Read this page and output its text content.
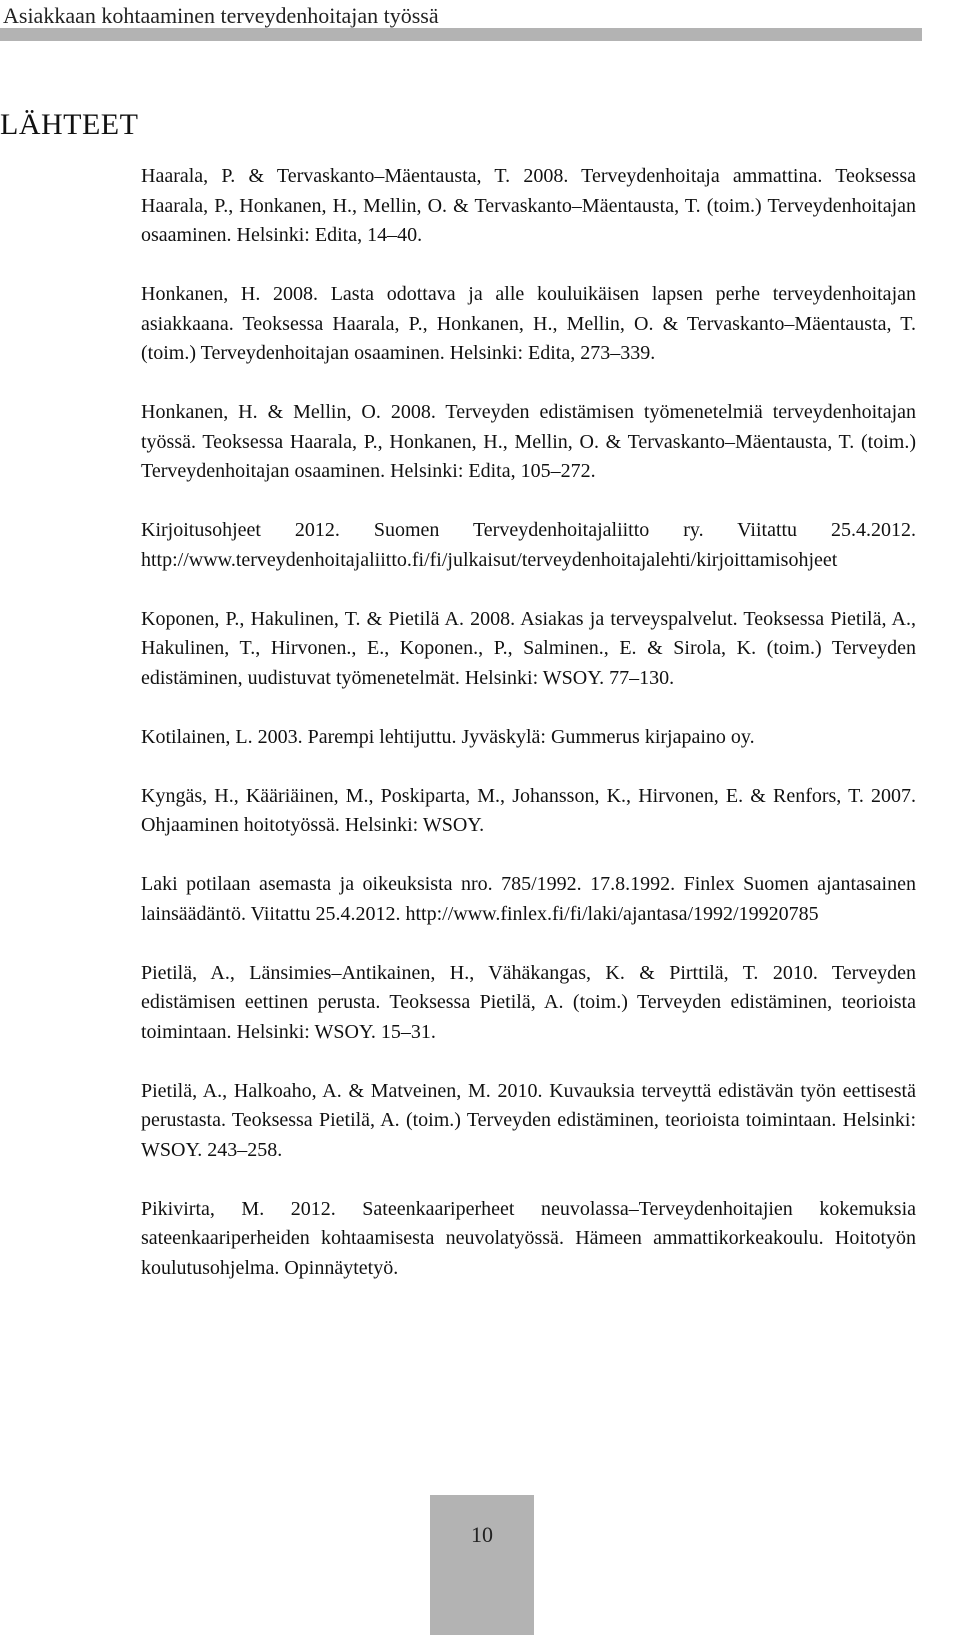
Asiakkaan kohtaaminen terveydenhoitajan työssä
LÄHTEET
Haarala, P. & Tervaskanto–Mäentausta, T. 2008. Terveydenhoitaja ammattina. Teoksessa Haarala, P., Honkanen, H., Mellin, O. & Tervaskanto–Mäentausta, T. (toim.) Terveydenhoitajan osaaminen. Helsinki: Edita, 14–40.
Honkanen, H. 2008. Lasta odottava ja alle kouluikäisen lapsen perhe terveydenhoitajan asiakkaana. Teoksessa Haarala, P., Honkanen, H., Mellin, O. & Tervaskanto–Mäentausta, T. (toim.) Terveydenhoitajan osaaminen. Helsinki: Edita, 273–339.
Honkanen, H. & Mellin, O. 2008. Terveyden edistämisen työmenetelmiä terveydenhoitajan työssä. Teoksessa Haarala, P., Honkanen, H., Mellin, O. & Tervaskanto–Mäentausta, T. (toim.) Terveydenhoitajan osaaminen. Helsinki: Edita, 105–272.
Kirjoitusohjeet 2012. Suomen Terveydenhoitajaliitto ry. Viitattu 25.4.2012. http://www.terveydenhoitajaliitto.fi/fi/julkaisut/terveydenhoitajalehti/kirjoittamisohjeet
Koponen, P., Hakulinen, T. & Pietilä A. 2008. Asiakas ja terveyspalvelut. Teoksessa Pietilä, A., Hakulinen, T., Hirvonen., E., Koponen., P., Salminen., E. & Sirola, K. (toim.) Terveyden edistäminen, uudistuvat työmenetelmät. Helsinki: WSOY. 77–130.
Kotilainen, L. 2003. Parempi lehtijuttu. Jyväskylä: Gummerus kirjapaino oy.
Kyngäs, H., Kääriäinen, M., Poskiparta, M., Johansson, K., Hirvonen, E. & Renfors, T. 2007. Ohjaaminen hoitotyössä. Helsinki: WSOY.
Laki potilaan asemasta ja oikeuksista nro. 785/1992. 17.8.1992. Finlex Suomen ajantasainen lainsäädäntö. Viitattu 25.4.2012. http://www.finlex.fi/fi/laki/ajantasa/1992/19920785
Pietilä, A., Länsimies–Antikainen, H., Vähäkangas, K. & Pirttilä, T. 2010. Terveyden edistämisen eettinen perusta. Teoksessa Pietilä, A. (toim.) Terveyden edistäminen, teorioista toimintaan. Helsinki: WSOY. 15–31.
Pietilä, A., Halkoaho, A. & Matveinen, M. 2010. Kuvauksia terveyttä edistävän työn eettisestä perustasta. Teoksessa Pietilä, A. (toim.) Terveyden edistäminen, teorioista toimintaan. Helsinki: WSOY. 243–258.
Pikivirta, M. 2012. Sateenkaariperheet neuvolassa–Terveydenhoitajien kokemuksia sateenkaariperheiden kohtaamisesta neuvolatyössä. Hämeen ammattikorkeakoulu. Hoitotyön koulutusohjelma. Opinnäytetyö.
10
